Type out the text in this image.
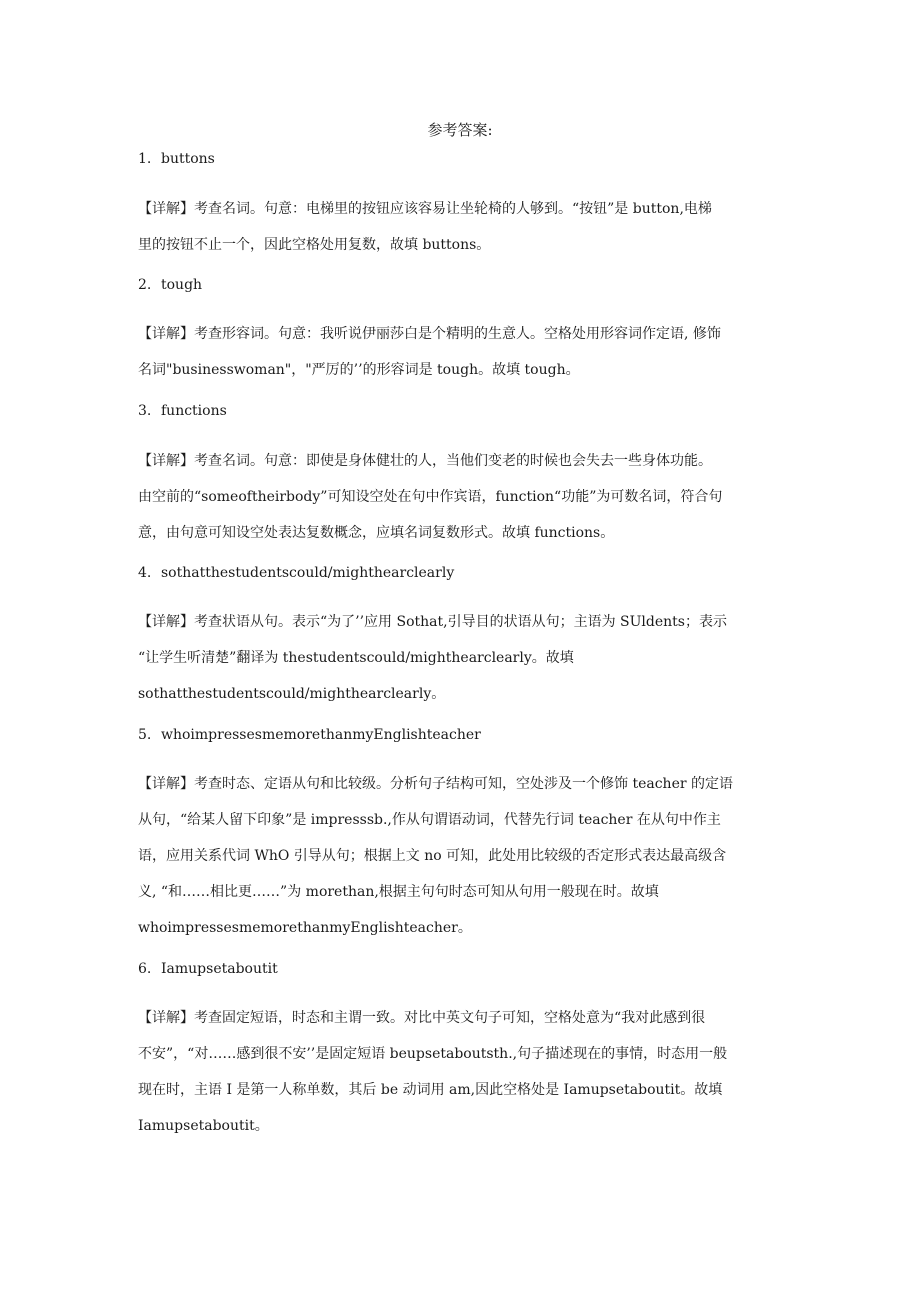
参考答案:
1. buttons
【详解】考查名词。句意：电梯里的按钮应该容易让坐轮椅的人够到。“按钮”是 button,电梯
里的按钮不止一个，因此空格处用复数，故填 buttons。
2. tough
【详解】考查形容词。句意：我听说伊丽莎白是个精明的生意人。空格处用形容词作定语, 修饰
名词"businesswoman"，"严厉的’’的形容词是 tough。故填 tough。
3. functions
【详解】考查名词。句意：即使是身体健壮的人，当他们变老的时候也会失去一些身体功能。
由空前的“someoftheirbody”可知设空处在句中作宾语，function“功能”为可数名词，符合句
意，由句意可知设空处表达复数概念，应填名词复数形式。故填 functions。
4. sothatthestudentscould/mighthearclearly
【详解】考查状语从句。表示“为了’’应用 Sothat,引导目的状语从句；主语为 SUldents；表示
“让学生听清楚”翻译为 thestudentscould/mighthearclearly。故填
sothatthestudentscould/mighthearclearly。
5. whoimpressesmemorethanmyEnglishteacher
【详解】考查时态、定语从句和比较级。分析句子结构可知，空处涉及一个修饰 teacher 的定语
从句，“给某人留下印象”是 impresssb.,作从句谓语动词，代替先行词 teacher 在从句中作主
语，应用关系代词 WhO 引导从句；根据上文 no 可知，此处用比较级的否定形式表达最高级含
义, “和……相比更……”为 morethan,根据主句句时态可知从句用一般现在时。故填
whoimpressesmemorethanmyEnglishteacher。
6. Iamupsetaboutit
【详解】考查固定短语，时态和主谓一致。对比中英文句子可知，空格处意为“我对此感到很
不安”，“对……感到很不安’’是固定短语 beupsetaboutsth.,句子描述现在的事情，时态用一般
现在时，主语 I 是第一人称单数，其后 be 动词用 am,因此空格处是 Iamupsetaboutit。故填
Iamupsetaboutit。
